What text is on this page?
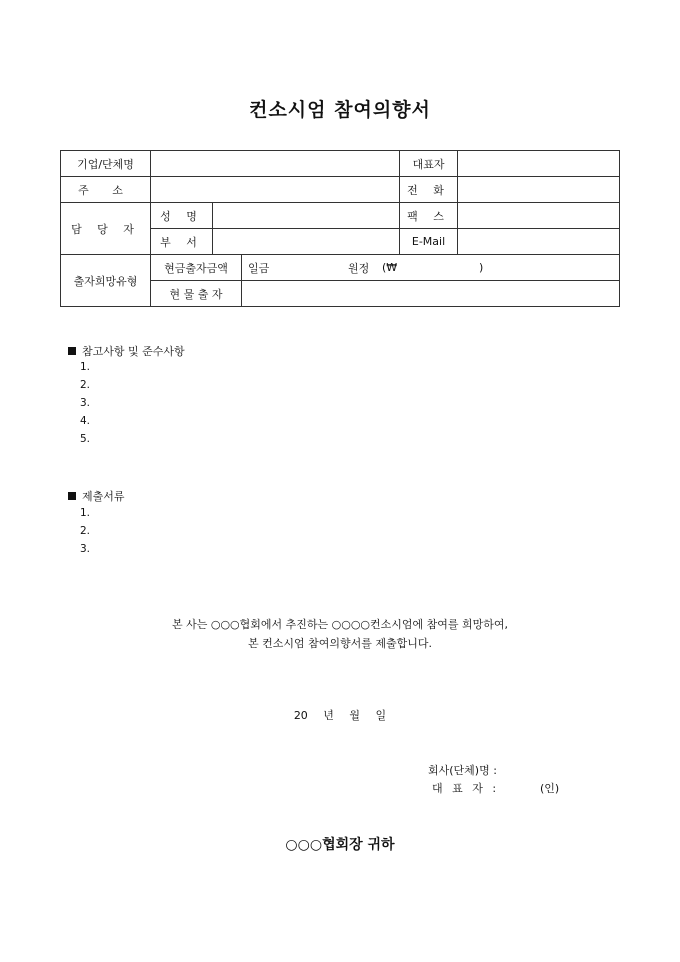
컨소시엄 참여의향서
기업/단체명				대표자	
주 소				전 화	
담 당 자	성 명			팩 스	
	부 서			E-Mail	
출자희망유형	현금출자금액		일금 원정 (₩ )		

	현 물 출 자				
참고사항 및 준수사항
1.
2.
3.
4.
5.
제출서류
1.
2.
3.
본 사는 ○○○협회에서 추진하는 ○○○○컨소시엄에 참여를 희망하여,
본 컨소시엄 참여의향서를 제출합니다.
20 년 월 일
회사(단체)명 :
대 표 자 :	(인)
○○○협회장 귀하
